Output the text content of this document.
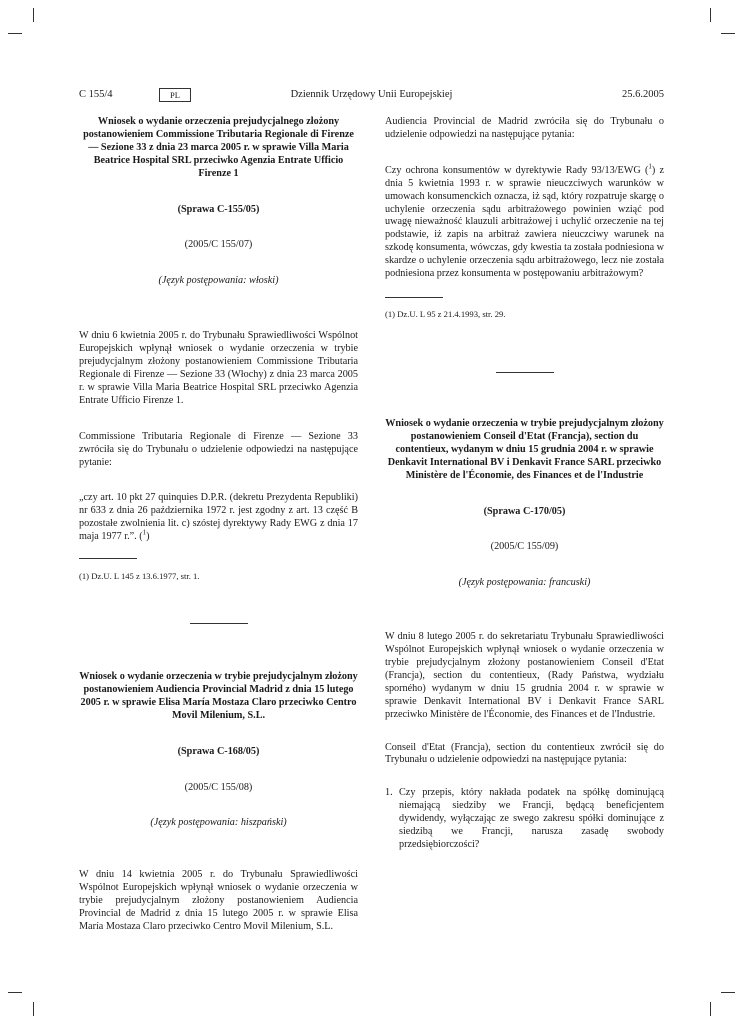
C 155/4	PL	Dziennik Urzędowy Unii Europejskiej	25.6.2005

Wniosek o wydanie orzeczenia prejudycjalnego złożony postanowieniem Commissione Tributaria Regionale di Firenze — Sezione 33 z dnia 23 marca 2005 r. w sprawie Villa Maria Beatrice Hospital SRL przeciwko Agenzia Entrate Ufficio Firenze 1

(Sprawa C-155/05)

(2005/C 155/07)

(Język postępowania: włoski)

W dniu 6 kwietnia 2005 r. do Trybunału Sprawiedliwości Wspólnot Europejskich wpłynął wniosek o wydanie orzeczenia w trybie prejudycjalnym złożony postanowieniem Commissione Tributaria Regionale di Firenze — Sezione 33 (Włochy) z dnia 23 marca 2005 r. w sprawie Villa Maria Beatrice Hospital SRL przeciwko Agenzia Entrate Ufficio Firenze 1.

Commissione Tributaria Regionale di Firenze — Sezione 33 zwróciła się do Trybunału o udzielenie odpowiedzi na następujące pytanie:

„czy art. 10 pkt 27 quinquies D.P.R. (dekretu Prezydenta Republiki) nr 633 z dnia 26 października 1972 r. jest zgodny z art. 13 część B pozostałe zwolnienia lit. c) szóstej dyrektywy Rady EWG z dnia 17 maja 1977 r.”. ($^1$)

(1) Dz.U. L 145 z 13.6.1977, str. 1.

Wniosek o wydanie orzeczenia w trybie prejudycjalnym złożony postanowieniem Audiencia Provincial Madrid z dnia 15 lutego 2005 r. w sprawie Elisa María Mostaza Claro przeciwko Centro Movil Milenium, S.L.

(Sprawa C-168/05)

(2005/C 155/08)

(Język postępowania: hiszpański)

W dniu 14 kwietnia 2005 r. do Trybunału Sprawiedliwości Wspólnot Europejskich wpłynął wniosek o wydanie orzeczenia w trybie prejudycjalnym złożony postanowieniem Audiencia Provincial de Madrid z dnia 15 lutego 2005 r. w sprawie Elisa María Mostaza Claro przeciwko Centro Movil Milenium, S.L.

Audiencia Provincial de Madrid zwróciła się do Trybunału o udzielenie odpowiedzi na następujące pytania:

Czy ochrona konsumentów w dyrektywie Rady 93/13/EWG ($^1$) z dnia 5 kwietnia 1993 r. w sprawie nieuczciwych warunków w umowach konsumenckich oznacza, iż sąd, który rozpatruje skargę o uchylenie orzeczenia sądu arbitrażowego powinien wziąć pod uwagę nieważność klauzuli arbitrażowej i uchylić orzeczenie na tej podstawie, iż zapis na arbitraż zawiera nieuczciwy warunek na szkodę konsumenta, wówczas, gdy kwestia ta została podniesiona w skardze o uchylenie orzeczenia sądu arbitrażowego, lecz nie została podniesiona przez konsumenta w postępowaniu arbitrażowym?

(1) Dz.U. L 95 z 21.4.1993, str. 29.

Wniosek o wydanie orzeczenia w trybie prejudycjalnym złożony postanowieniem Conseil d'Etat (Francja), section du contentieux, wydanym w dniu 15 grudnia 2004 r. w sprawie Denkavit International BV i Denkavit France SARL przeciwko Ministère de l'Économie, des Finances et de l'Industrie

(Sprawa C-170/05)

(2005/C 155/09)

(Język postępowania: francuski)

W dniu 8 lutego 2005 r. do sekretariatu Trybunału Sprawiedliwości Wspólnot Europejskich wpłynął wniosek o wydanie orzeczenia w trybie prejudycjalnym złożony postanowieniem Conseil d'Etat (Francja), section du contentieux, (Rady Państwa, wydziału sporného) wydanym w dniu 15 grudnia 2004 r. w sprawie w sprawie Denkavit International BV i Denkavit France SARL przeciwko Ministère de l'Économie, des Finances et de l'Industrie.

Conseil d'Etat (Francja), section du contentieux zwrócił się do Trybunału o udzielenie odpowiedzi na następujące pytania:

1. Czy przepis, który nakłada podatek na spółkę dominującą niemającą siedziby we Francji, będącą beneficjentem dywidendy, wyłączając ze swego zakresu spółki dominujące z siedzibą we Francji, narusza zasadę swobody przedsiębiorczości?
